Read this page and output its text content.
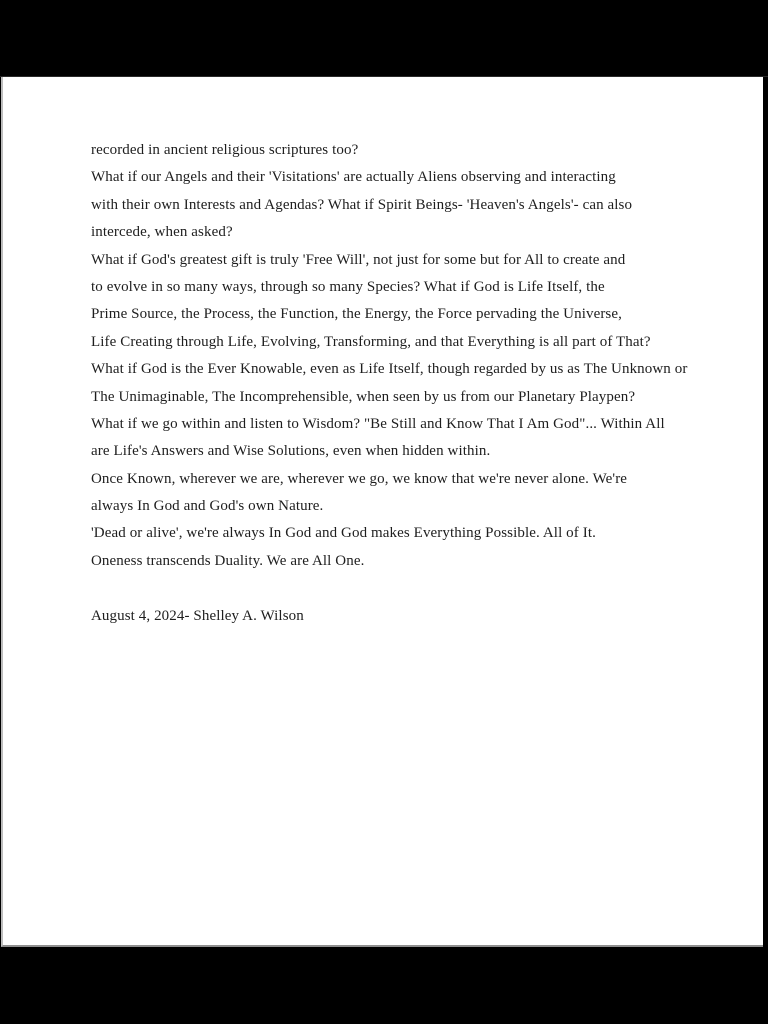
recorded in ancient religious scriptures too?
What if our Angels and their 'Visitations' are actually Aliens observing and interacting
with their own Interests and Agendas? What if Spirit Beings- 'Heaven's Angels'- can also
intercede, when asked?
What if God's greatest gift is truly 'Free Will', not just for some but for All to create and
to evolve in so many ways, through so many Species? What if God is Life Itself, the
Prime Source, the Process, the Function, the Energy, the Force pervading the Universe,
Life Creating through Life, Evolving, Transforming, and that Everything is all part of That?
What if God is the Ever Knowable, even as Life Itself, though regarded by us as The Unknown or
The Unimaginable, The Incomprehensible, when seen by us from our Planetary Playpen?
What if we go within and listen to Wisdom? "Be Still and Know That I Am God"... Within All
are Life's Answers and Wise Solutions, even when hidden within.
Once Known, wherever we are, wherever we go, we know that we're never alone. We're
always In God and God's own Nature.
'Dead or alive', we're always In God and God makes Everything Possible. All of It.
Oneness transcends Duality. We are All One.
August 4, 2024- Shelley A. Wilson
